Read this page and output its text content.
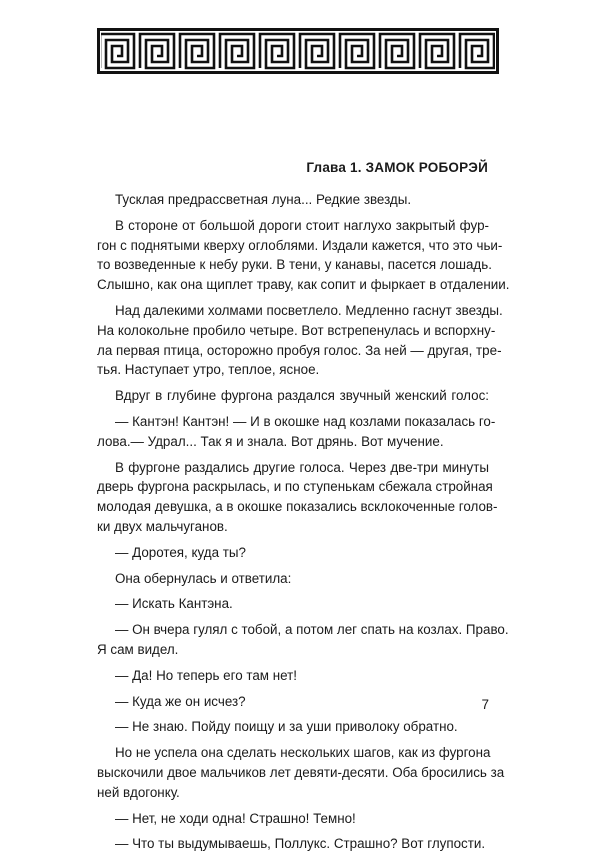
Глава 1. ЗАМОК РОБОРЭЙ
Тусклая предрассветная луна... Редкие звезды.
В стороне от большой дороги стоит наглухо закрытый фур-
гон с поднятыми кверху оглоблями. Издали кажется, что это чьи-
то возведенные к небу руки. В тени, у канавы, пасется лошадь.
Слышно, как она щиплет траву, как сопит и фыркает в отдалении.
Над далекими холмами посветлело. Медленно гаснут звезды.
На колокольне пробило четыре. Вот встрепенулась и вспорхну-
ла первая птица, осторожно пробуя голос. За ней — другая, тре-
тья. Наступает утро, теплое, ясное.
Вдруг в глубине фургона раздался звучный женский голос:
— Кантэн! Кантэн! — И в окошке над козлами показалась го-
лова.— Удрал... Так я и знала. Вот дрянь. Вот мучение.
В фургоне раздались другие голоса. Через две-три минуты
дверь фургона раскрылась, и по ступенькам сбежала стройная
молодая девушка, а в окошке показались всклокоченные голов-
ки двух мальчуганов.
— Доротея, куда ты?
Она обернулась и ответила:
— Искать Кантэна.
— Он вчера гулял с тобой, а потом лег спать на козлах. Право.
Я сам видел.
— Да! Но теперь его там нет!
— Куда же он исчез?
— Не знаю. Пойду поищу и за уши приволоку обратно.
Но не успела она сделать нескольких шагов, как из фургона
выскочили двое мальчиков лет девяти-десяти. Оба бросились за
ней вдогонку.
— Нет, не ходи одна! Страшно! Темно!
— Что ты выдумываешь, Поллукс. Страшно? Вот глупости.
7
